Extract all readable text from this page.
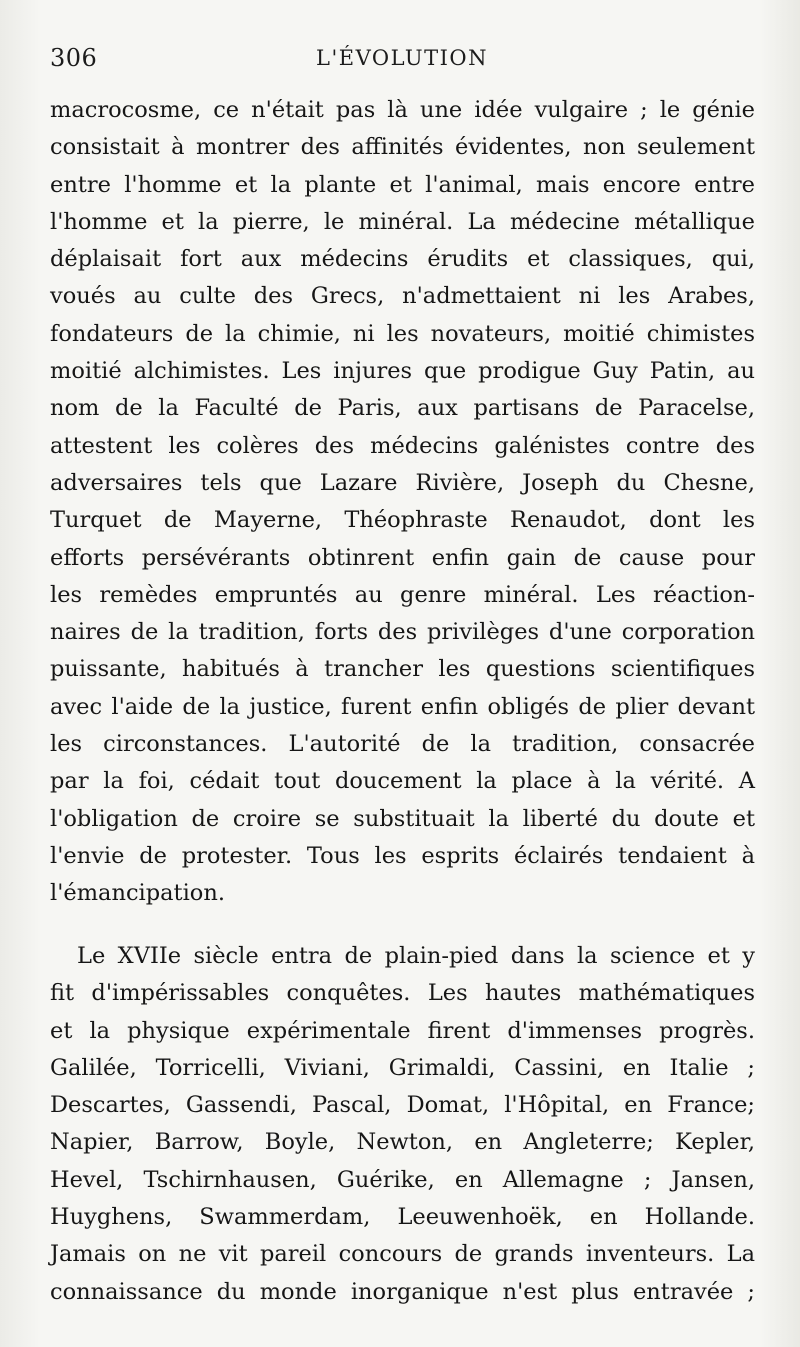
306	L'ÉVOLUTION
macrocosme, ce n'était pas là une idée vulgaire ; le génie
consistait à montrer des affinités évidentes, non seulement
entre l'homme et la plante et l'animal, mais encore entre
l'homme et la pierre, le minéral. La médecine métallique
déplaisait fort aux médecins érudits et classiques, qui,
voués au culte des Grecs, n'admettaient ni les Arabes,
fondateurs de la chimie, ni les novateurs, moitié chimistes
moitié alchimistes. Les injures que prodigue Guy Patin, au
nom de la Faculté de Paris, aux partisans de Paracelse,
attestent les colères des médecins galénistes contre des
adversaires tels que Lazare Rivière, Joseph du Chesne,
Turquet de Mayerne, Théophraste Renaudot, dont les
efforts persévérants obtinrent enfin gain de cause pour
les remèdes empruntés au genre minéral. Les réaction-
naires de la tradition, forts des privilèges d'une corporation
puissante, habitués à trancher les questions scientifiques
avec l'aide de la justice, furent enfin obligés de plier devant
les circonstances. L'autorité de la tradition, consacrée
par la foi, cédait tout doucement la place à la vérité. A
l'obligation de croire se substituait la liberté du doute et
l'envie de protester. Tous les esprits éclairés tendaient à
l'émancipation.
Le XVIIe siècle entra de plain-pied dans la science et y
fit d'impérissables conquêtes. Les hautes mathématiques
et la physique expérimentale firent d'immenses progrès.
Galilée, Torricelli, Viviani, Grimaldi, Cassini, en Italie ;
Descartes, Gassendi, Pascal, Domat, l'Hôpital, en France;
Napier, Barrow, Boyle, Newton, en Angleterre; Kepler,
Hevel, Tschirnhausen, Guérike, en Allemagne ; Jansen,
Huyghens, Swammerdam, Leeuwenhoëk, en Hollande.
Jamais on ne vit pareil concours de grands inventeurs. La
connaissance du monde inorganique n'est plus entravée ;
